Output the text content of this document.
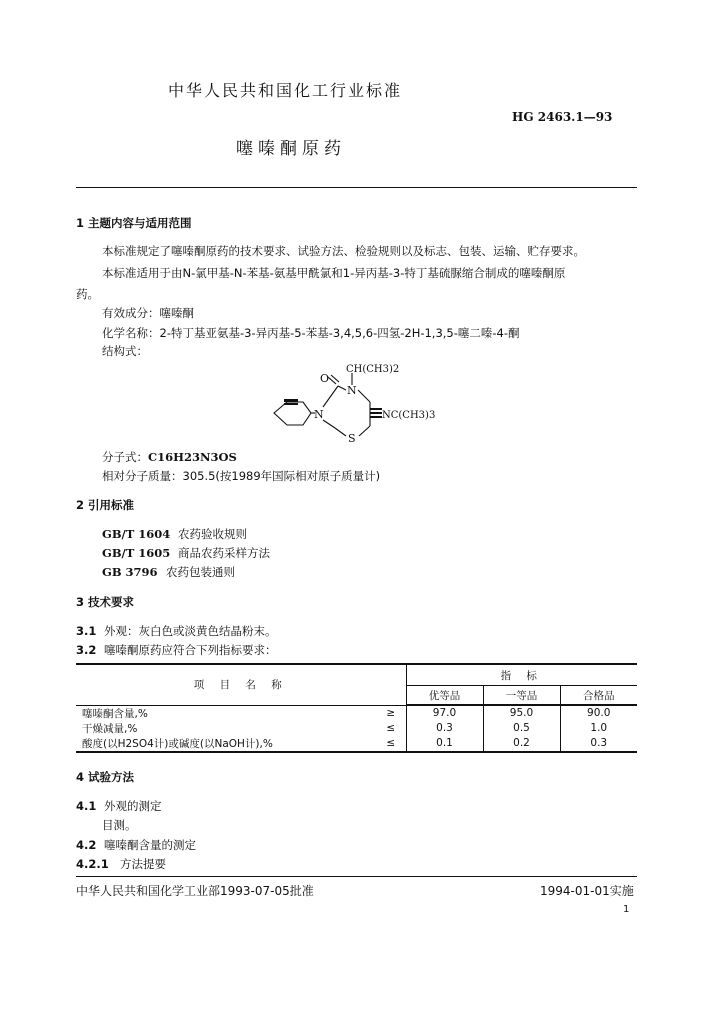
中华人民共和国化工行业标准
HG 2463.1—93
噻嗪酮原药
1 主题内容与适用范围
本标准规定了噻嗪酮原药的技术要求、试验方法、检验规则以及标志、包装、运输、贮存要求。
本标准适用于由N-氯甲基-N-苯基-氨基甲酰氯和1-异丙基-3-特丁基硫脲缩合制成的噻嗪酮原
药。
有效成分：噻嗪酮
化学名称：2-特丁基亚氨基-3-异丙基-5-苯基-3,4,5,6-四氢-2H-1,3,5-噻二嗪-4-酮
结构式：
O
N
N
S
CH(CH3)2
NC(CH3)3
分子式：C16H23N3OS
相对分子质量：305.5(按1989年国际相对原子质量计)
2 引用标准
GB/T 1604 农药验收规则
GB/T 1605 商品农药采样方法
GB 3796 农药包装通则
3 技术要求
3.1 外观：灰白色或淡黄色结晶粉末。
3.2 噻嗪酮原药应符合下列指标要求：
项 目 名 称		指 标		
		优等品	一等品	合格品
噻嗪酮含量,%	≥	97.0	95.0	90.0
干燥减量,%	≤	0.3	0.5	1.0
酸度(以H2SO4计)或碱度(以NaOH计),%	≤	0.1	0.2	0.3
4 试验方法
4.1 外观的测定
目测。
4.2 噻嗪酮含量的测定
4.2.1 方法提要
中华人民共和国化学工业部1993-07-05批准	1994-01-01实施
1
